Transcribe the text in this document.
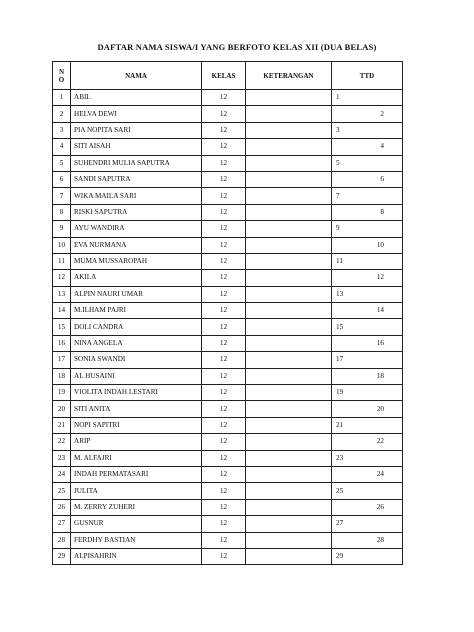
DAFTAR NAMA SISWA/I YANG BERFOTO KELAS XII (DUA BELAS)
N
O	NAMA	KELAS	KETERANGAN	TTD
1	ABIL	12		1
2	HELVA DEWI	12		2
3	PIA NOPITA SARI	12		3
4	SITI AISAH	12		4
5	SUHENDRI MULIA SAPUTRA	12		5
6	SANDI SAPUTRA	12		6
7	WIKA MAILA SARI	12		7
8	RISKI SAPUTRA	12		8
9	AYU WANDIRA	12		9
10	EVA NURMANA	12		10
11	MUMA MUSSAROPAH	12		11
12	AKILA	12		12
13	ALPIN NAURI UMAR	12		13
14	M.ILHAM PAJRI	12		14
15	DOLI CANDRA	12		15
16	NINA ANGELA	12		16
17	SONIA SWANDI	12		17
18	AL HUSAINI	12		18
19	VIOLITA INDAH LESTARI	12		19
20	SITI ANITA	12		20
21	NOPI SAPITRI	12		21
22	ARIP	12		22
23	M. ALFAJRI	12		23
24	INDAH PERMATASARI	12		24
25	JULITA	12		25
26	M. ZERRY ZUHERI	12		26
27	GUSNUR	12		27
28	FERDHY BASTIAN	12		28
29	ALPISAHRIN	12		29
